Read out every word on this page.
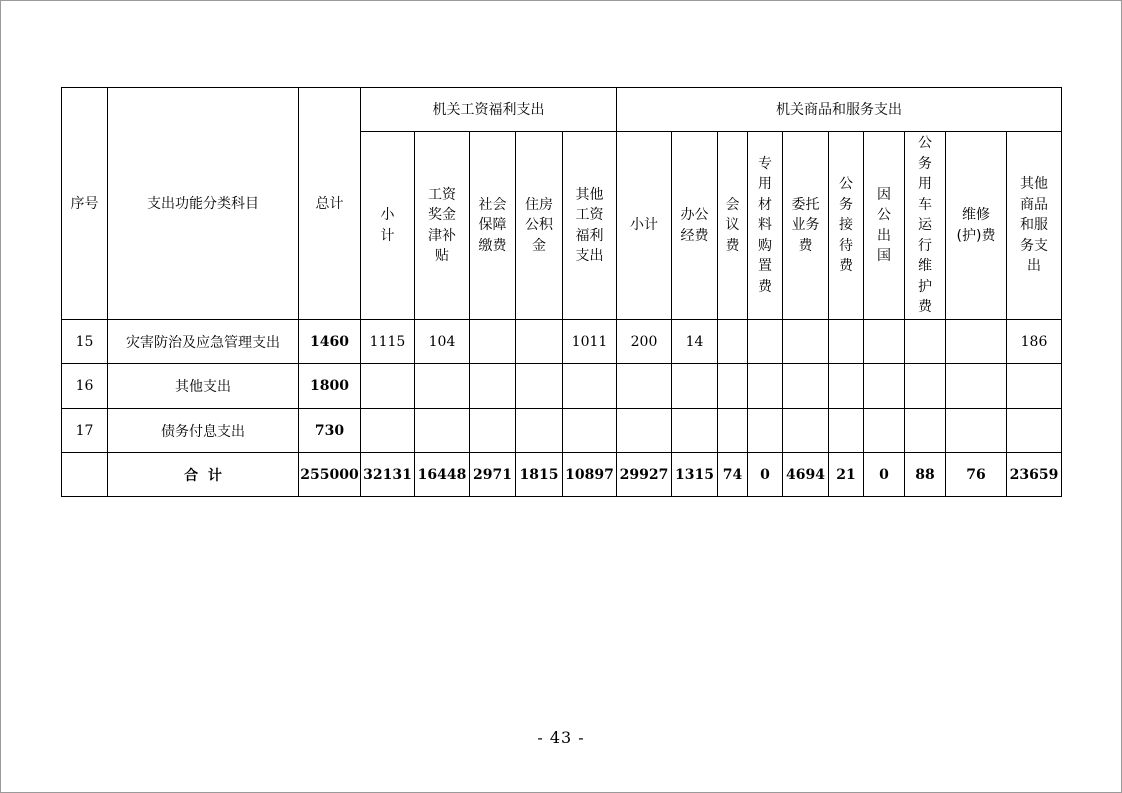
序号	支出功能分类科目	总计	机关工资福利支出					机关商品和服务支出									

			小计	工资奖金津补贴	社会保障缴费	住房公积金	其他工资福利支出	小计	办公经费	会议费	专用材料购置费	委托业务费	公务接待费	因公出国	公务用车运行维护费	维修(护)费	其他商品和服务支出

15	灾害防治及应急管理支出	1460	1115	104			1011	200	14								186
16	其他支出	1800															
17	债务付息支出	730															
	合  计	255000	32131	16448	2971	1815	10897	29927	1315	74	0	4694	21	0	88	76	23659
- 43 -
